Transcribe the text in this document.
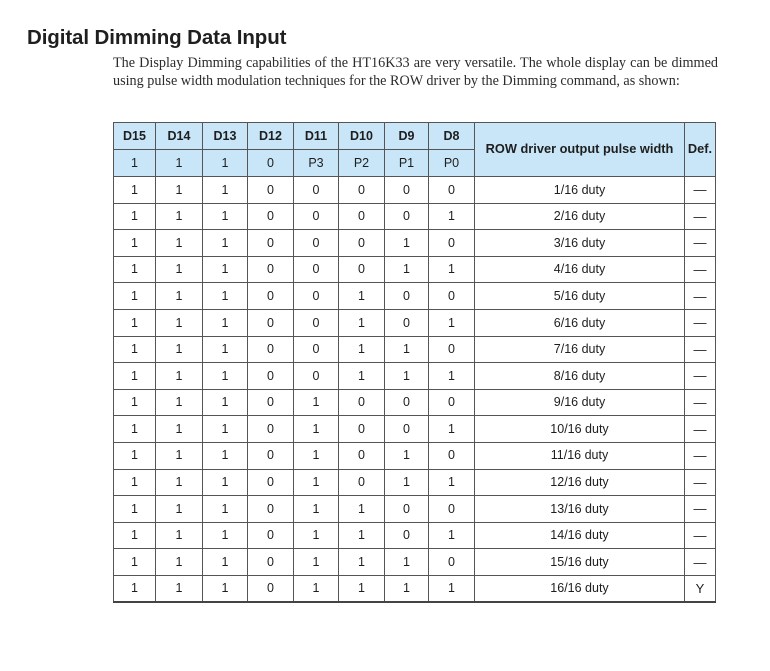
Digital Dimming Data Input

The Display Dimming capabilities of the HT16K33 are very versatile. The whole display can be dimmed using pulse width modulation techniques for the ROW driver by the Dimming command, as shown:

D15	D14	D13	D12	D11	D10	D9	D8	ROW driver output pulse width	Def.
1	1	1	0	P3	P2	P1	P0		
1	1	1	0	0	0	0	0	1/16 duty	—
1	1	1	0	0	0	0	1	2/16 duty	—
1	1	1	0	0	0	1	0	3/16 duty	—
1	1	1	0	0	0	1	1	4/16 duty	—
1	1	1	0	0	1	0	0	5/16 duty	—
1	1	1	0	0	1	0	1	6/16 duty	—
1	1	1	0	0	1	1	0	7/16 duty	—
1	1	1	0	0	1	1	1	8/16 duty	—
1	1	1	0	1	0	0	0	9/16 duty	—
1	1	1	0	1	0	0	1	10/16 duty	—
1	1	1	0	1	0	1	0	11/16 duty	—
1	1	1	0	1	0	1	1	12/16 duty	—
1	1	1	0	1	1	0	0	13/16 duty	—
1	1	1	0	1	1	0	1	14/16 duty	—
1	1	1	0	1	1	1	0	15/16 duty	—
1	1	1	0	1	1	1	1	16/16 duty	Y
